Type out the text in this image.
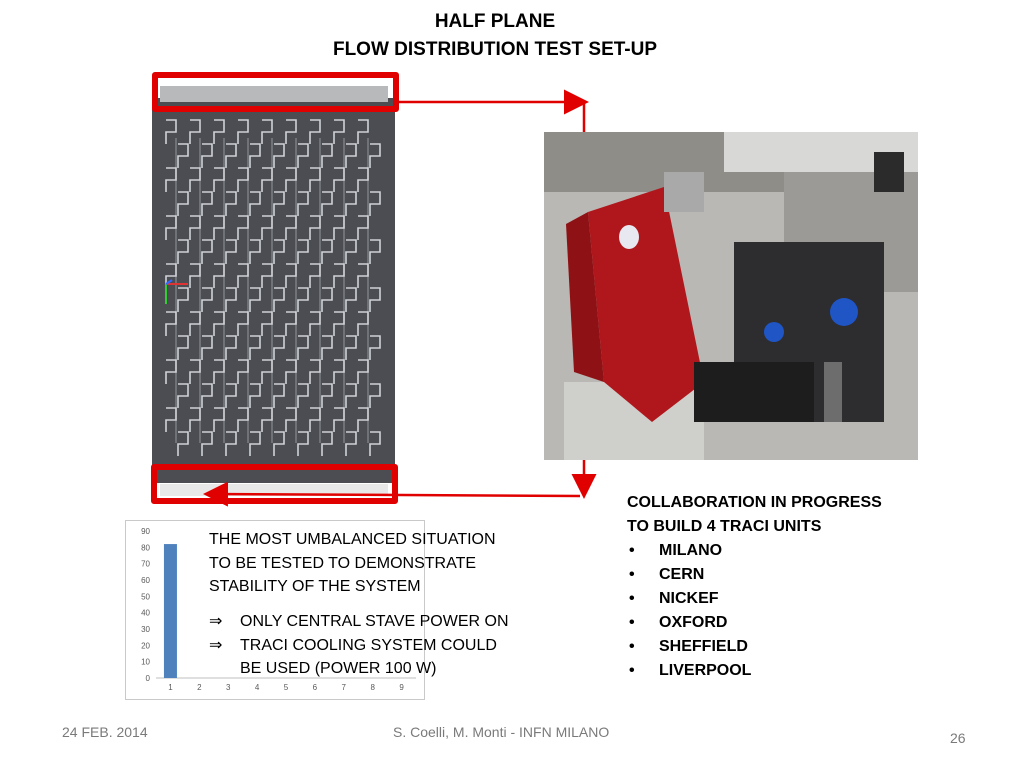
HALF PLANE
FLOW DISTRIBUTION TEST SET-UP
COLLABORATION IN PROGRESS
TO BUILD 4 TRACI UNITS
• MILANO
• CERN
• NICKEF
• OXFORD
• SHEFFIELD
• LIVERPOOL
0
10
20
30
40
50
60
70
80
90
1	2	3	4	5	6	7	8	9
THE MOST UMBALANCED SITUATION
TO BE TESTED TO DEMONSTRATE
STABILITY OF THE SYSTEM
⇒	ONLY CENTRAL STAVE POWER ON
⇒	TRACI COOLING SYSTEM COULD
BE USED (POWER 100 W)
24 FEB. 2014	S. Coelli, M. Monti - INFN MILANO	26
